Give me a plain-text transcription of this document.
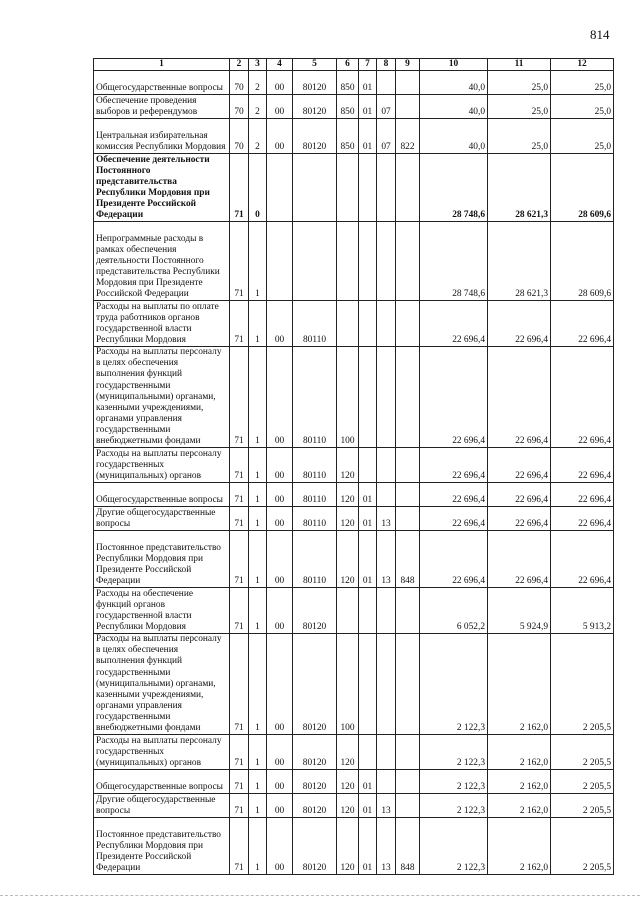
814
1	2	3	4	5	6	7	8	9	10	11	12
Общегосударственные вопросы	70	2	00	80120	850	01			40,0	25,0	25,0
Обеспечение проведения выборов и референдумов	70	2	00	80120	850	01	07		40,0	25,0	25,0
Центральная избирательная комиссия Республики Мордовия	70	2	00	80120	850	01	07	822	40,0	25,0	25,0
Обеспечение деятельности Постоянного представительства Республики Мордовия при Президенте Российской Федерации	71	0							28 748,6	28 621,3	28 609,6
Непрограммные расходы в рамках обеспечения деятельности Постоянного представительства Республики Мордовия при Президенте Российской Федерации	71	1							28 748,6	28 621,3	28 609,6
Расходы на выплаты по оплате труда работников органов государственной власти Республики Мордовия	71	1	00	80110					22 696,4	22 696,4	22 696,4
Расходы на выплаты персоналу в целях обеспечения выполнения функций государственными (муниципальными) органами, казенными учреждениями, органами управления государственными внебюджетными фондами	71	1	00	80110	100				22 696,4	22 696,4	22 696,4
Расходы на выплаты персоналу государственных (муниципальных) органов	71	1	00	80110	120				22 696,4	22 696,4	22 696,4
Общегосударственные вопросы	71	1	00	80110	120	01			22 696,4	22 696,4	22 696,4
Другие общегосударственные вопросы	71	1	00	80110	120	01	13		22 696,4	22 696,4	22 696,4
Постоянное представительство Республики Мордовия при Президенте Российской Федерации	71	1	00	80110	120	01	13	848	22 696,4	22 696,4	22 696,4
Расходы на обеспечение функций органов государственной власти Республики Мордовия	71	1	00	80120					6 052,2	5 924,9	5 913,2
Расходы на выплаты персоналу в целях обеспечения выполнения функций государственными (муниципальными) органами, казенными учреждениями, органами управления государственными внебюджетными фондами	71	1	00	80120	100				2 122,3	2 162,0	2 205,5
Расходы на выплаты персоналу государственных (муниципальных) органов	71	1	00	80120	120				2 122,3	2 162,0	2 205,5
Общегосударственные вопросы	71	1	00	80120	120	01			2 122,3	2 162,0	2 205,5
Другие общегосударственные вопросы	71	1	00	80120	120	01	13		2 122,3	2 162,0	2 205,5
Постоянное представительство Республики Мордовия при Президенте Российской Федерации	71	1	00	80120	120	01	13	848	2 122,3	2 162,0	2 205,5
